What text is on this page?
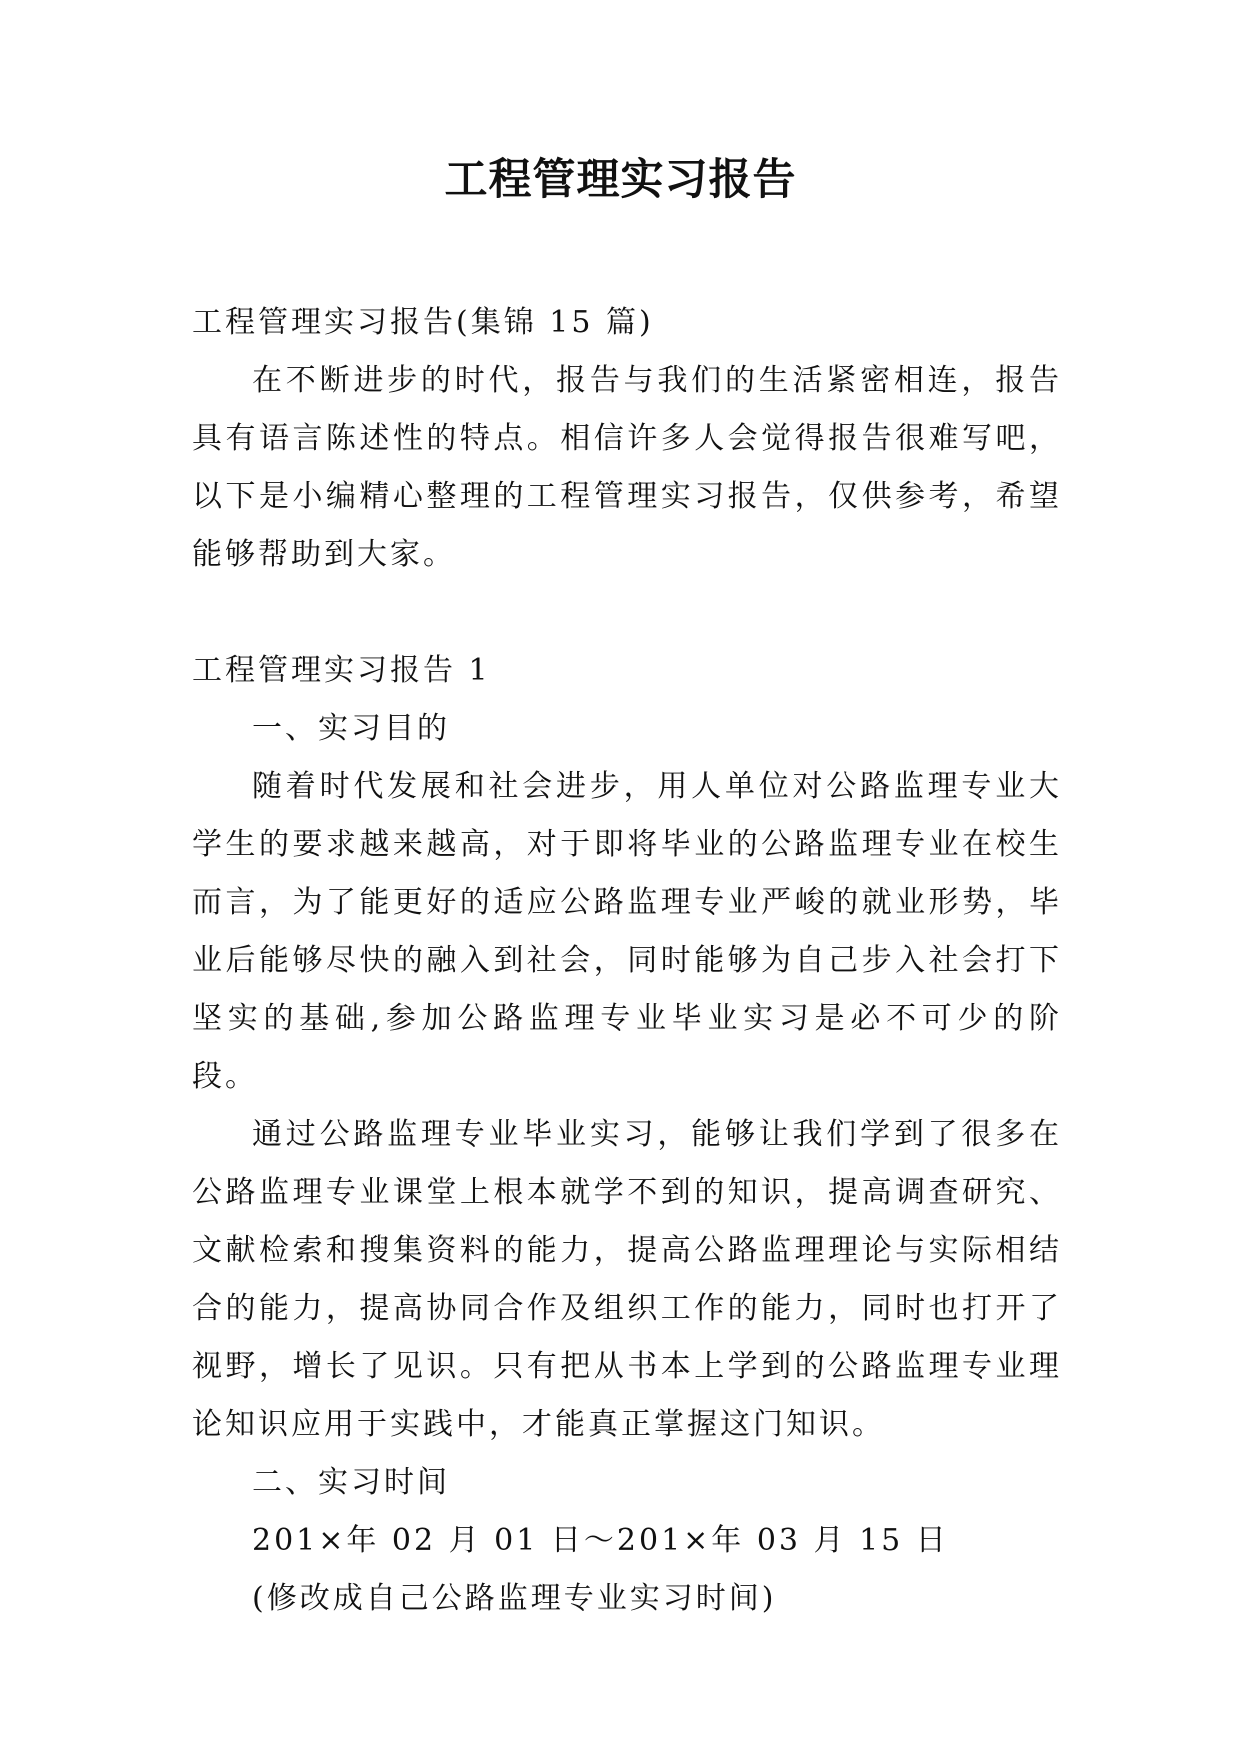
工程管理实习报告

工程管理实习报告(集锦 15 篇)

在不断进步的时代，报告与我们的生活紧密相连，报告具有语言陈述性的特点。相信许多人会觉得报告很难写吧，以下是小编精心整理的工程管理实习报告，仅供参考，希望能够帮助到大家。

工程管理实习报告 1

一、实习目的

随着时代发展和社会进步，用人单位对公路监理专业大学生的要求越来越高，对于即将毕业的公路监理专业在校生而言，为了能更好的适应公路监理专业严峻的就业形势，毕业后能够尽快的融入到社会，同时能够为自己步入社会打下坚实的基础,参加公路监理专业毕业实习是必不可少的阶段。

通过公路监理专业毕业实习，能够让我们学到了很多在公路监理专业课堂上根本就学不到的知识，提高调查研究、文献检索和搜集资料的能力，提高公路监理理论与实际相结合的能力，提高协同合作及组织工作的能力，同时也打开了视野，增长了见识。只有把从书本上学到的公路监理专业理论知识应用于实践中，才能真正掌握这门知识。

二、实习时间

201×年 02 月 01 日～201×年 03 月 15 日

(修改成自己公路监理专业实习时间)
